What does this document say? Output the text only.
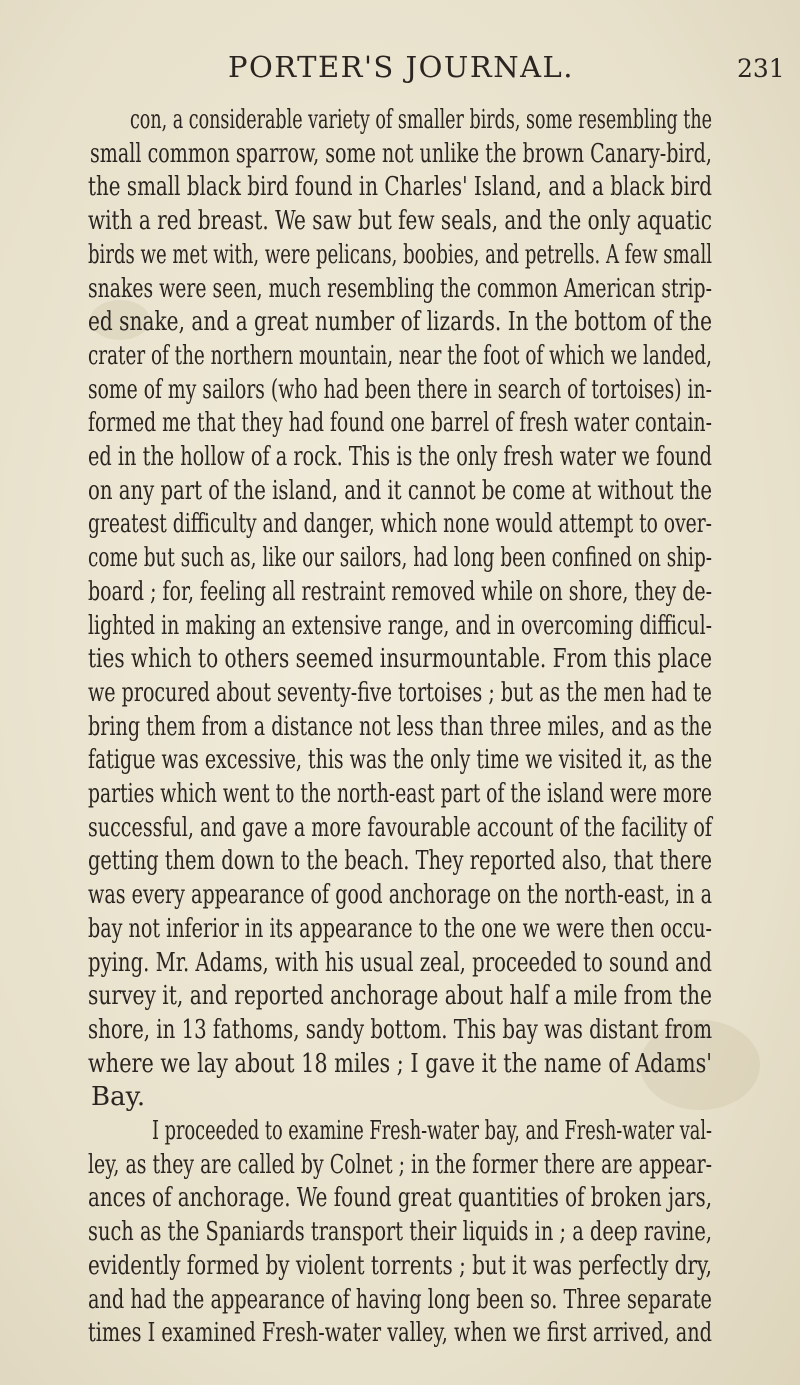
PORTER'S JOURNAL.	231
con, a considerable variety of smaller birds, some resembling the
small common sparrow, some not unlike the brown Canary-bird,
the small black bird found in Charles' Island, and a black bird
with a red breast. We saw but few seals, and the only aquatic
birds we met with, were pelicans, boobies, and petrells. A few small
snakes were seen, much resembling the common American strip-
ed snake, and a great number of lizards. In the bottom of the
crater of the northern mountain, near the foot of which we landed,
some of my sailors (who had been there in search of tortoises) in-
formed me that they had found one barrel of fresh water contain-
ed in the hollow of a rock. This is the only fresh water we found
on any part of the island, and it cannot be come at without the
greatest difficulty and danger, which none would attempt to over-
come but such as, like our sailors, had long been confined on ship-
board ; for, feeling all restraint removed while on shore, they de-
lighted in making an extensive range, and in overcoming difficul-
ties which to others seemed insurmountable. From this place
we procured about seventy-five tortoises ; but as the men had te
bring them from a distance not less than three miles, and as the
fatigue was excessive, this was the only time we visited it, as the
parties which went to the north-east part of the island were more
successful, and gave a more favourable account of the facility of
getting them down to the beach. They reported also, that there
was every appearance of good anchorage on the north-east, in a
bay not inferior in its appearance to the one we were then occu-
pying. Mr. Adams, with his usual zeal, proceeded to sound and
survey it, and reported anchorage about half a mile from the
shore, in 13 fathoms, sandy bottom. This bay was distant from
where we lay about 18 miles ; I gave it the name of Adams'
Bay.
I proceeded to examine Fresh-water bay, and Fresh-water val-
ley, as they are called by Colnet ; in the former there are appear-
ances of anchorage. We found great quantities of broken jars,
such as the Spaniards transport their liquids in ; a deep ravine,
evidently formed by violent torrents ; but it was perfectly dry,
and had the appearance of having long been so. Three separate
times I examined Fresh-water valley, when we first arrived, and
